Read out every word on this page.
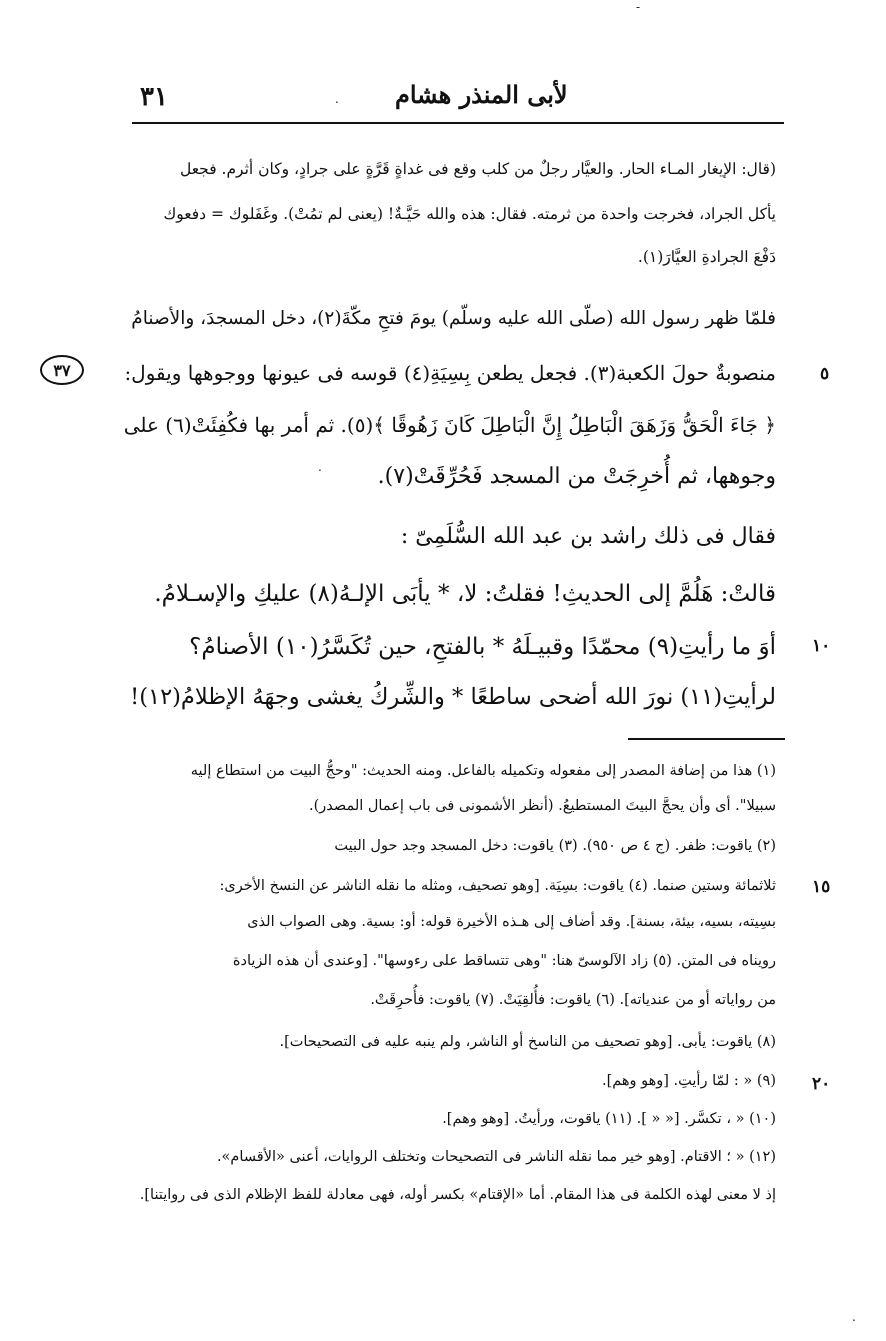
٣١	. لأبى المنذر هشام
(قال: الإيغار المـاء الحار. والعيَّار رجلٌ من كلب وقع فى غداةٍ قَرَّةٍ على جرادٍ، وكان أثرم. فجعل
يأكل الجراد، فخرجت واحدة من ثرمته. فقال: هذه والله حَيَّـةٌ! (يعنى لم تمُتْ). وغَفَلوك = دفعوك
دَفْعَ الجرادةِ العيَّارَ(١).
فلمّا ظهر رسول الله (صلّى الله عليه وسلّم) يومَ فتحِ مكّةَ(٢)، دخل المسجدَ، والأصنامُ
منصوبةٌ حولَ الكعبة(٣). فجعل يطعن بِسِيَةِ(٤) قوسه فى عيونها ووجوهها ويقول:
﴿ جَاءَ الْحَقُّ وَزَهَقَ الْبَاطِلُ إِنَّ الْبَاطِلَ كَانَ زَهُوقًا ﴾(٥). ثم أمر بها فكُفِئَتْ(٦) على
وجوهها، ثم أُخرِجَتْ من المسجد فَحُرِّقَتْ(٧).
فقال فى ذلك راشد بن عبد الله السُّلَمِىّ :
قالتْ: هَلُمَّ إلى الحديثِ! فقلتُ: لا، * يأبَى الإلـهُ(٨) عليكِ والإسـلامُ.
أوَ ما رأيتِ(٩) محمّدًا وقبيـلَهُ * بالفتحِ، حين تُكَسَّرُ(١٠) الأصنامُ؟
لرأيتِ(١١) نورَ الله أضحى ساطعًا * والشِّركُ يغشى وجهَهُ الإظلامُ(١٢)!
٣٧	٥
١٠
١٥
٢٠
(١) هذا من إضافة المصدر إلى مفعوله وتكميله بالفاعل. ومنه الحديث: "وحجُّ البيت من استطاع إليه
سبيلا". أى وأن يحجَّ البيتَ المستطيعُ. (أنظر الأشمونى فى باب إعمال المصدر).
(٢) ياقوت: ظفر. (ج ٤ ص ٩٥٠). (٣) ياقوت: دخل المسجد وجد حول البيت
ثلاثمائة وستين صنما. (٤) ياقوت: بسِيَة. [وهو تصحيف، ومثله ما نقله الناشر عن النسخ الأخرى:
بسِيته، بسيه، بيئة، بسنة]. وقد أضاف إلى هـذه الأخيرة قوله: أو: بسية. وهى الصواب الذى
رويناه فى المتن. (٥) زاد الآلوسىّ هنا: "وهى تتساقط على رءوسها". [وعندى أن هذه الزيادة
من رواياته أو من عندياته]. (٦) ياقوت: فأُلقِيَتْ. (٧) ياقوت: فأُحرِقَتْ.
(٨) ياقوت: يأبى. [وهو تصحيف من الناسخ أو الناشر، ولم ينبه عليه فى التصحيحات].
(٩) « : لمّا رأيتِ. [وهو وهم].
(١٠) « ، تكسَّر. [« « ]. (١١) ياقوت، ورأيتُ. [وهو وهم].
(١٢) « ؛ الاقتام. [وهو خير مما نقله الناشر فى التصحيحات وتختلف الروايات، أعنى «الأقسام».
إذ لا معنى لهذه الكلمة فى هذا المقام. أما «الإقتام» بكسر أوله، فهى معادلة للفظ الإظلام الذى فى روايتنا].
-
.
.
